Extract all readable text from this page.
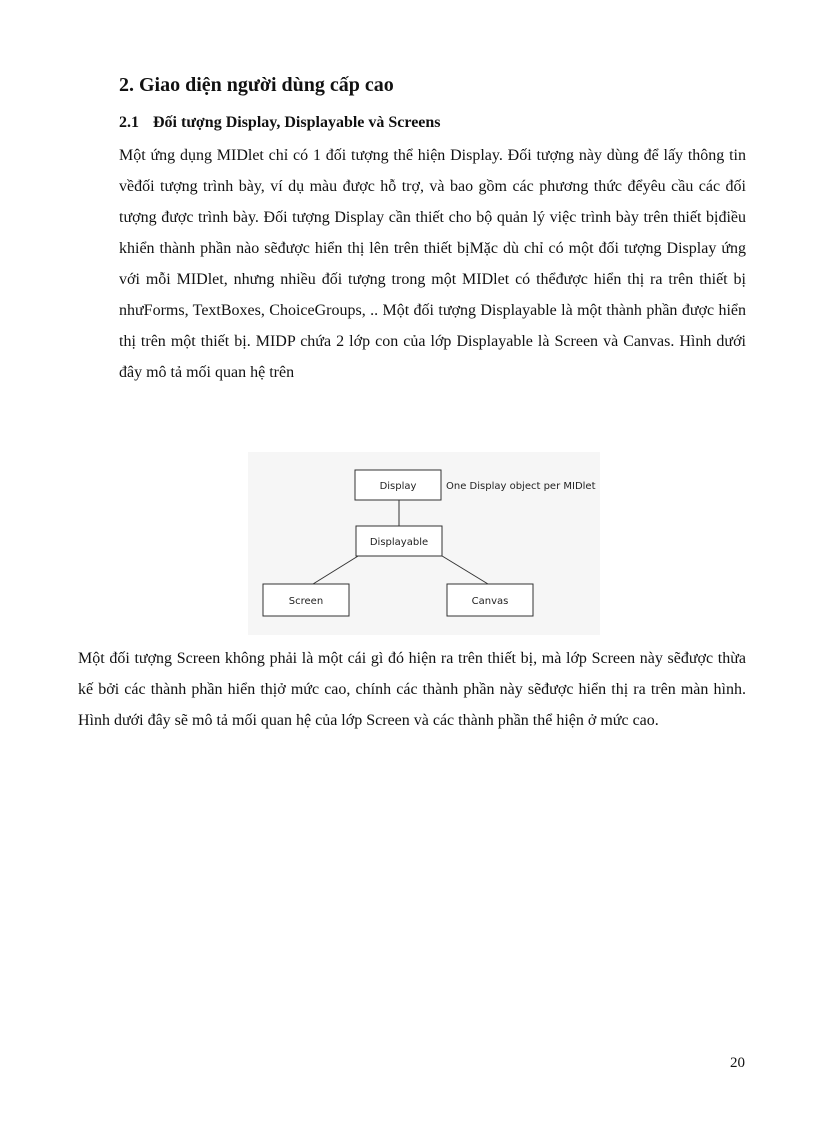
2. Giao diện người dùng cấp cao
2.1 Đối tượng Display, Displayable và Screens

Một ứng dụng MIDlet chỉ có 1 đối tượng thể hiện Display. Đối tượng này dùng để lấy thông tin vềđối tượng trình bày, ví dụ màu được hỗ trợ, và bao gồm các phương thức đểyêu cầu các đối tượng được trình bày. Đối tượng Display cần thiết cho bộ quản lý việc trình bày trên thiết bịđiều khiển thành phần nào sẽđược hiển thị lên trên thiết bịMặc dù chỉ có một đối tượng Display ứng với mỗi MIDlet, nhưng nhiều đối tượng trong một MIDlet có thểđược hiển thị ra trên thiết bị nhưForms, TextBoxes, ChoiceGroups, .. Một đối tượng Displayable là một thành phần được hiển thị trên một thiết bị. MIDP chứa 2 lớp con của lớp Displayable là Screen và Canvas. Hình dưới đây mô tả mối quan hệ trên

Display	One Display object per MIDlet
Displayable
Screen	Canvas

Một đối tượng Screen không phải là một cái gì đó hiện ra trên thiết bị, mà lớp Screen này sẽđược thừa kế bởi các thành phần hiển thịở mức cao, chính các thành phần này sẽđược hiển thị ra trên màn hình. Hình dưới đây sẽ mô tả mối quan hệ của lớp Screen và các thành phần thể hiện ở mức cao.

20
